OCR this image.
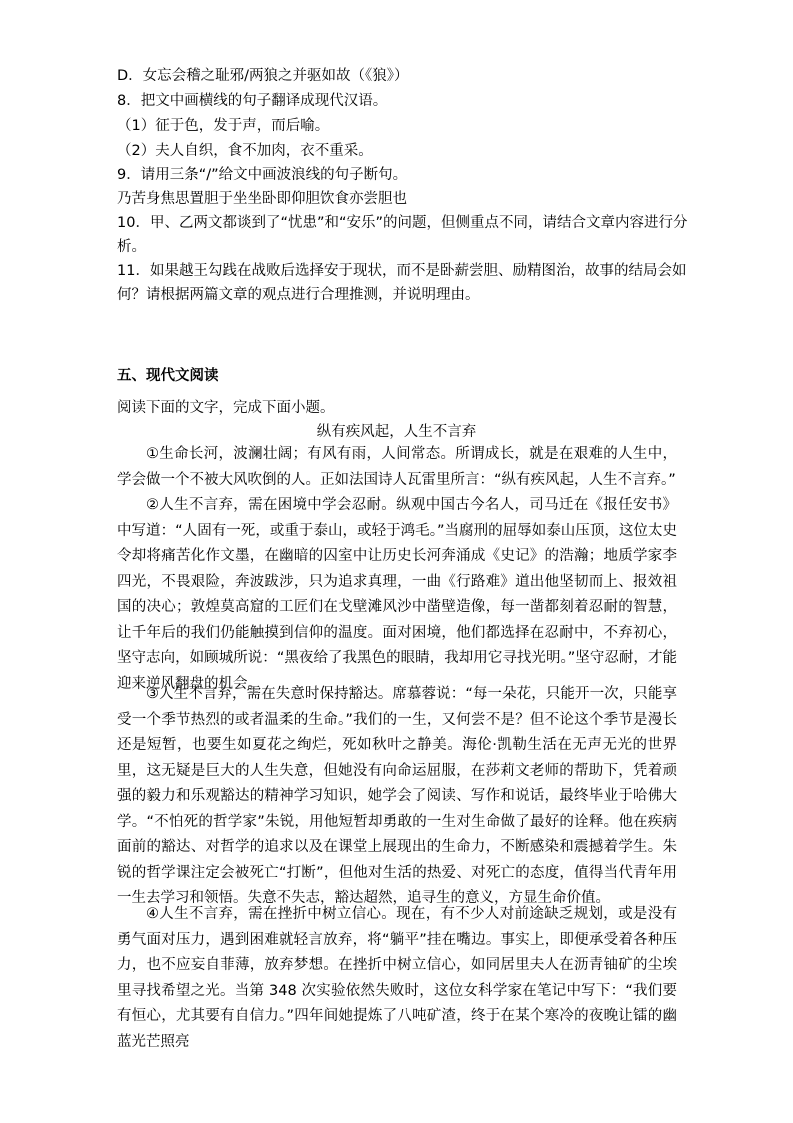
D．女忘会稽之耻邪/两狼之并驱如故（《狼》）
8．把文中画横线的句子翻译成现代汉语。
（1）征于色，发于声，而后喻。
（2）夫人自织，食不加肉，衣不重采。
9．请用三条“/”给文中画波浪线的句子断句。
乃苦身焦思置胆于坐坐卧即仰胆饮食亦尝胆也
10．甲、乙两文都谈到了“忧患”和“安乐”的问题，但侧重点不同，请结合文章内容进行分
析。
11．如果越王勾践在战败后选择安于现状，而不是卧薪尝胆、励精图治，故事的结局会如
何？请根据两篇文章的观点进行合理推测，并说明理由。
五、现代文阅读
阅读下面的文字，完成下面小题。
纵有疾风起，人生不言弃
①生命长河，波澜壮阔；有风有雨，人间常态。所谓成长，就是在艰难的人生中，学会做一个不被大风吹倒的人。正如法国诗人瓦雷里所言：“纵有疾风起，人生不言弃。”
②人生不言弃，需在困境中学会忍耐。纵观中国古今名人，司马迁在《报任安书》中写道：“人固有一死，或重于泰山，或轻于鸿毛。”当腐刑的屈辱如泰山压顶，这位太史令却将痛苦化作文墨，在幽暗的囚室中让历史长河奔涌成《史记》的浩瀚；地质学家李四光，不畏艰险，奔波跋涉，只为追求真理，一曲《行路难》道出他坚韧而上、报效祖国的决心；敦煌莫高窟的工匠们在戈壁滩风沙中凿壁造像，每一凿都刻着忍耐的智慧，让千年后的我们仍能触摸到信仰的温度。面对困境，他们都选择在忍耐中，不弃初心，坚守志向，如顾城所说：“黑夜给了我黑色的眼睛，我却用它寻找光明。”坚守忍耐，才能迎来逆风翻盘的机会。
③人生不言弃，需在失意时保持豁达。席慕蓉说：“每一朵花，只能开一次，只能享受一个季节热烈的或者温柔的生命。”我们的一生，又何尝不是？但不论这个季节是漫长还是短暂，也要生如夏花之绚烂，死如秋叶之静美。海伦·凯勒生活在无声无光的世界里，这无疑是巨大的人生失意，但她没有向命运屈服，在莎莉文老师的帮助下，凭着顽强的毅力和乐观豁达的精神学习知识，她学会了阅读、写作和说话，最终毕业于哈佛大学。“不怕死的哲学家”朱锐，用他短暂却勇敢的一生对生命做了最好的诠释。他在疾病面前的豁达、对哲学的追求以及在课堂上展现出的生命力，不断感染和震撼着学生。朱锐的哲学课注定会被死亡“打断”，但他对生活的热爱、对死亡的态度，值得当代青年用一生去学习和领悟。失意不失志，豁达超然，追寻生的意义，方显生命价值。
④人生不言弃，需在挫折中树立信心。现在，有不少人对前途缺乏规划，或是没有勇气面对压力，遇到困难就轻言放弃，将“躺平”挂在嘴边。事实上，即便承受着各种压力，也不应妄自菲薄，放弃梦想。在挫折中树立信心，如同居里夫人在沥青铀矿的尘埃里寻找希望之光。当第 348 次实验依然失败时，这位女科学家在笔记中写下：“我们要有恒心，尤其要有自信力。”四年间她提炼了八吨矿渣，终于在某个寒冷的夜晚让镭的幽蓝光芒照亮
